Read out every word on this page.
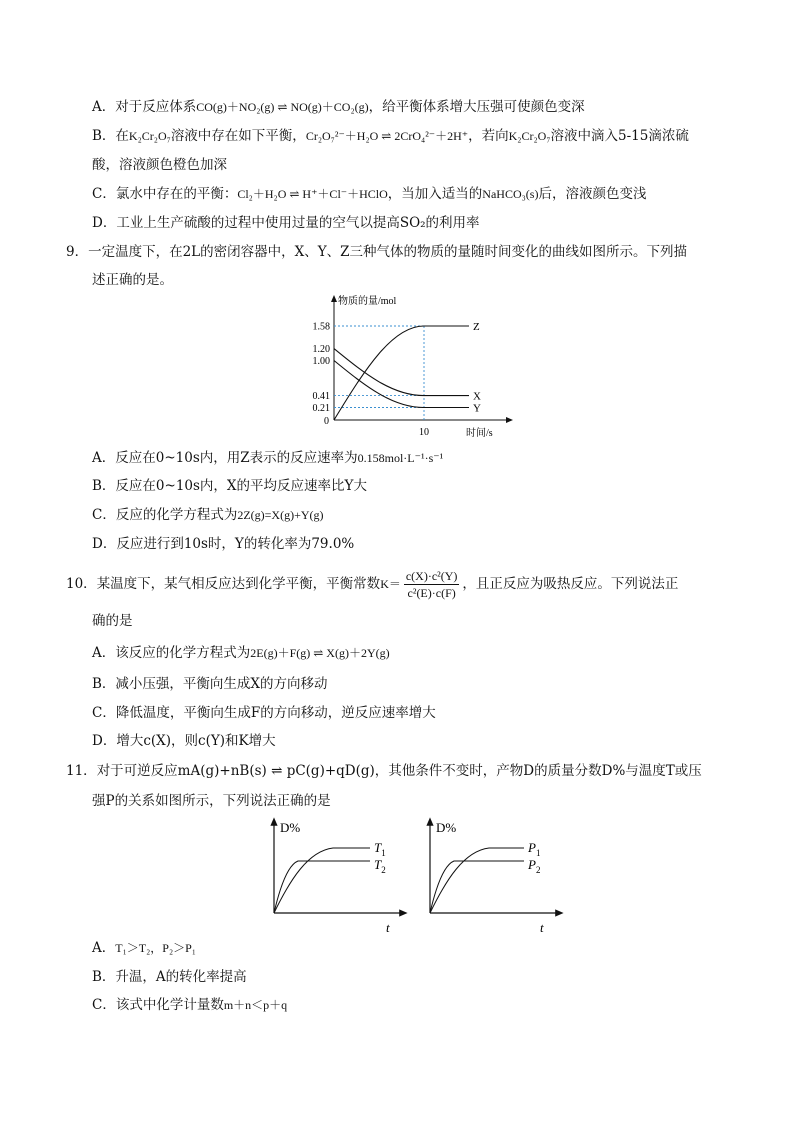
A．对于反应体系CO(g)＋NO₂(g) ⇌ NO(g)＋CO₂(g)，给平衡体系增大压强可使颜色变深
B．在K₂Cr₂O₇溶液中存在如下平衡，Cr₂O₇²⁻＋H₂O ⇌ 2CrO₄²⁻＋2H⁺，若向K₂Cr₂O₇溶液中滴入5-15滴浓硫
酸，溶液颜色橙色加深
C．氯水中存在的平衡：Cl₂＋H₂O ⇌ H⁺＋Cl⁻＋HClO，当加入适当的NaHCO₃(s)后，溶液颜色变浅
D．工业上生产硫酸的过程中使用过量的空气以提高SO₂的利用率
9．一定温度下，在2L的密闭容器中，X、Y、Z三种气体的物质的量随时间变化的曲线如图所示。下列描
述正确的是。
物质的量/mol
时间/s
0
0.21
0.41
1.00
1.20
1.58
10
Z
X
Y
A．反应在0~10s内，用Z表示的反应速率为0.158mol·L⁻¹·s⁻¹
B．反应在0~10s内，X的平均反应速率比Y大
C．反应的化学方程式为2Z(g)=X(g)+Y(g)
D．反应进行到10s时，Y的转化率为79.0%
10．某温度下，某气相反应达到化学平衡，平衡常数$K= \frac{\text{c(X)·c²(Y)}}{\text{c²(E)·c(F)}}$ ，且正反应为吸热反应。下列说法正
确的是
A．该反应的化学方程式为2E(g)＋F(g) ⇌ X(g)＋2Y(g)
B．减小压强，平衡向生成X的方向移动
C．降低温度，平衡向生成F的方向移动，逆反应速率增大
D．增大c(X)，则c(Y)和K增大
11．对于可逆反应mA(g)+nB(s) ⇌ pC(g)+qD(g)，其他条件不变时，产物D的质量分数D%与温度T或压
强P的关系如图所示，下列说法正确的是
D%
t
$T_1$
$T_2$
D%
t
$P_1$
$P_2$
A．T₁＞T₂，P₂＞P₁
B．升温，A的转化率提高
C．该式中化学计量数m＋n＜p＋q
